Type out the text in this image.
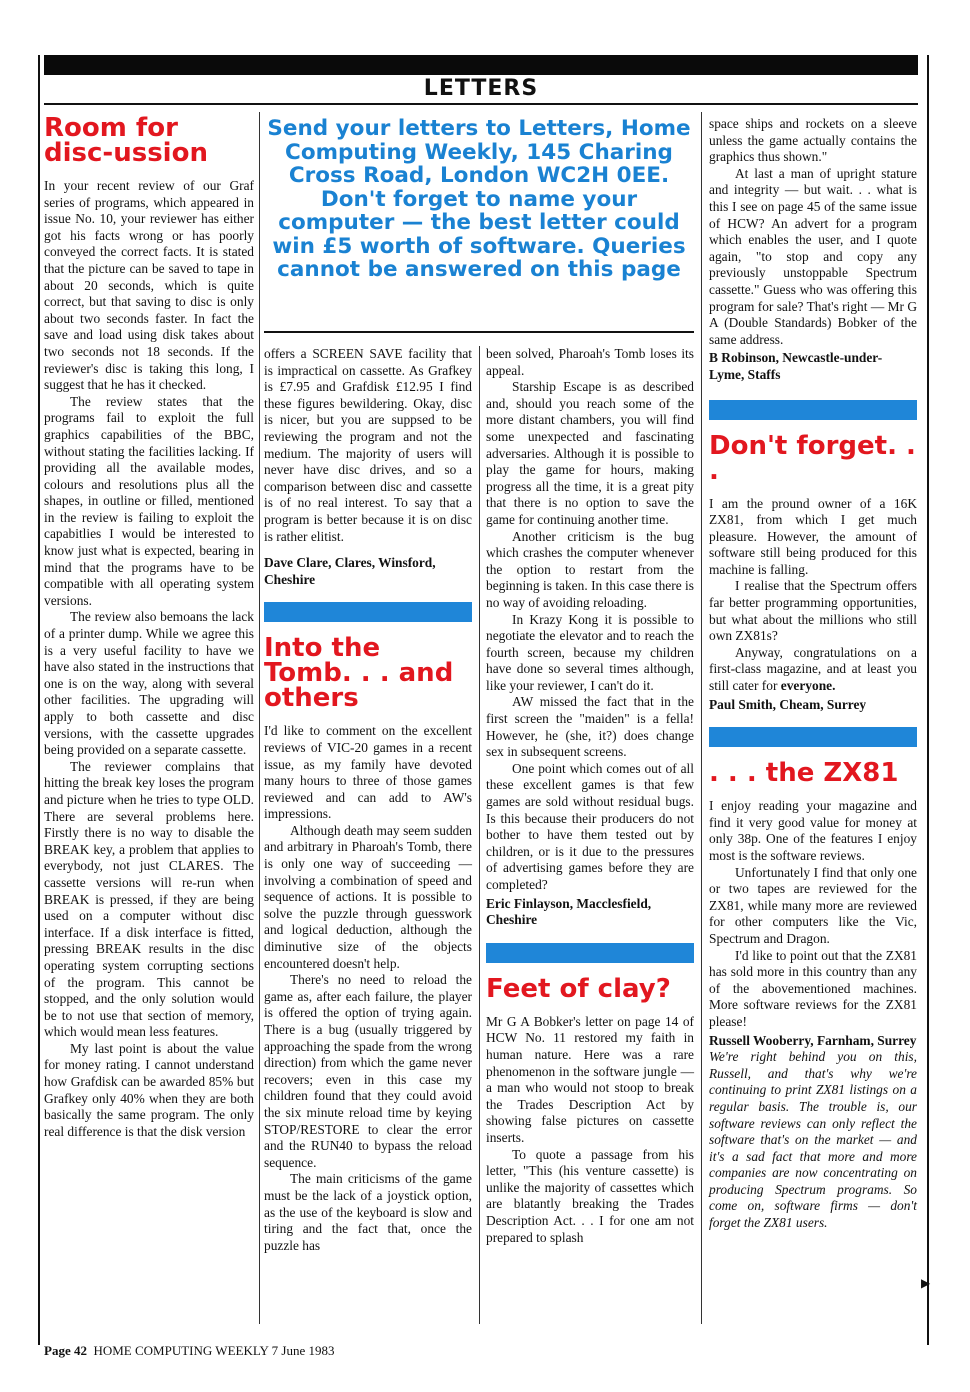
LETTERS
Room for disc-ussion

In your recent review of our Graf series of programs, which appeared in issue No. 10, your reviewer has either got his facts wrong or has poorly conveyed the correct facts. It is stated that the picture can be saved to tape in about 20 seconds, which is quite correct, but that saving to disc is only about two seconds faster. In fact the save and load using disk takes about two seconds not 18 seconds. If the reviewer's disc is taking this long, I suggest that he has it checked.

The review states that the programs fail to exploit the full graphics capabilities of the BBC, without stating the facilities lacking. If providing all the available modes, colours and resolutions plus all the shapes, in outline or filled, mentioned in the review is failing to exploit the capabitlies I would be interested to know just what is expected, bearing in mind that the programs have to be compatible with all operating system versions.

The review also bemoans the lack of a printer dump. While we agree this is a very useful facility to have we have also stated in the instructions that one is on the way, along with several other facilities. The upgrading will apply to both cassette and disc versions, with the cassette upgrades being provided on a separate cassette.

The reviewer complains that hitting the break key loses the program and picture when he tries to type OLD. There are several problems here. Firstly there is no way to disable the BREAK key, a problem that applies to everybody, not just CLARES. The cassette versions will re-run when BREAK is pressed, if they are being used on a computer without disc interface. If a disk interface is fitted, pressing BREAK results in the disc operating system corrupting sections of the program. This cannot be stopped, and the only solution would be to not use that section of memory, which would mean less features.

My last point is about the value for money rating. I cannot understand how Grafdisk can be awarded 85% but Grafkey only 40% when they are both basically the same program. The only real difference is that the disk version

Send your letters to Letters, Home Computing Weekly, 145 Charing Cross Road, London WC2H 0EE. Don't forget to name your computer — the best letter could win £5 worth of software. Queries cannot be answered on this page

offers a SCREEN SAVE facility that is impractical on cassette. As Grafkey is £7.95 and Grafdisk £12.95 I find these figures bewildering. Okay, disc is nicer, but you are suppsed to be reviewing the program and not the medium. The majority of users will never have disc drives, and so a comparison between disc and cassette is of no real interest. To say that a program is better because it is on disc is rather elitist.

Dave Clare, Clares, Winsford, Cheshire

Into the Tomb. . . and others

I'd like to comment on the excellent reviews of VIC-20 games in a recent issue, as my family have devoted many hours to three of those games reviewed and can add to AW's impressions.

Although death may seem sudden and arbitrary in Pharoah's Tomb, there is only one way of succeeding — involving a combination of speed and sequence of actions. It is possible to solve the puzzle through guesswork and logical deduction, although the diminutive size of the objects encountered doesn't help.

There's no need to reload the game as, after each failure, the player is offered the option of trying again. There is a bug (usually triggered by approaching the spade from the wrong direction) from which the game never recovers; even in this case my children found that they could avoid the six minute reload time by keying STOP/RESTORE to clear the error and the RUN40 to bypass the reload sequence.

The main criticisms of the game must be the lack of a joystick option, as the use of the keyboard is slow and tiring and the fact that, once the puzzle has

been solved, Pharoah's Tomb loses its appeal.

Starship Escape is as described and, should you reach some of the more distant chambers, you will find some unexpected and fascinating adversaries. Although it is possible to play the game for hours, making progress all the time, it is a great pity that there is no option to save the game for continuing another time.

Another criticism is the bug which crashes the computer whenever the option to restart from the beginning is taken. In this case there is no way of avoiding reloading.

In Krazy Kong it is possible to negotiate the elevator and to reach the fourth screen, because my children have done so several times although, like your reviewer, I can't do it.

AW missed the fact that in the first screen the "maiden" is a fella! However, he (she, it?) does change sex in subsequent screens.

One point which comes out of all these excellent games is that few games are sold without residual bugs. Is this because their producers do not bother to have them tested out by children, or is it due to the pressures of advertising games before they are completed?

Eric Finlayson, Macclesfield, Cheshire

Feet of clay?

Mr G A Bobker's letter on page 14 of HCW No. 11 restored my faith in human nature. Here was a rare phenomenon in the software jungle — a man who would not stoop to break the Trades Description Act by showing false pictures on cassette inserts.

To quote a passage from his letter, "This (his venture cassette) is unlike the majority of cassettes which are blatantly breaking the Trades Description Act. . . I for one am not prepared to splash

space ships and rockets on a sleeve unless the game actually contains the graphics thus shown."

At last a man of upright stature and integrity — but wait. . . what is this I see on page 45 of the same issue of HCW? An advert for a program which enables the user, and I quote again, "to stop and copy any previously unstoppable Spectrum cassette." Guess who was offering this program for sale? That's right — Mr G A (Double Standards) Bobker of the same address.

B Robinson, Newcastle-under-Lyme, Staffs

Don't forget. . .

I am the pround owner of a 16K ZX81, from which I get much pleasure. However, the amount of software still being produced for this machine is falling.

I realise that the Spectrum offers far better programming opportunities, but what about the millions who still own ZX81s?

Anyway, congratulations on a first-class magazine, and at least you still cater for everyone.

Paul Smith, Cheam, Surrey

. . . the ZX81

I enjoy reading your magazine and find it very good value for money at only 38p. One of the features I enjoy most is the software reviews.

Unfortunately I find that only one or two tapes are reviewed for the ZX81, while many more are reviewed for other computers like the Vic, Spectrum and Dragon.

I'd like to point out that the ZX81 has sold more in this country than any of the abovementioned machines. More software reviews for the ZX81 please!

Russell Wooberry, Farnham, Surrey

We're right behind you on this, Russell, and that's why we're continuing to print ZX81 listings on a regular basis. The trouble is, our software reviews can only reflect the software that's on the market — and it's a sad fact that more and more companies are now concentrating on producing Spectrum programs. So come on, software firms — don't forget the ZX81 users.

▶
Page 42 HOME COMPUTING WEEKLY 7 June 1983
